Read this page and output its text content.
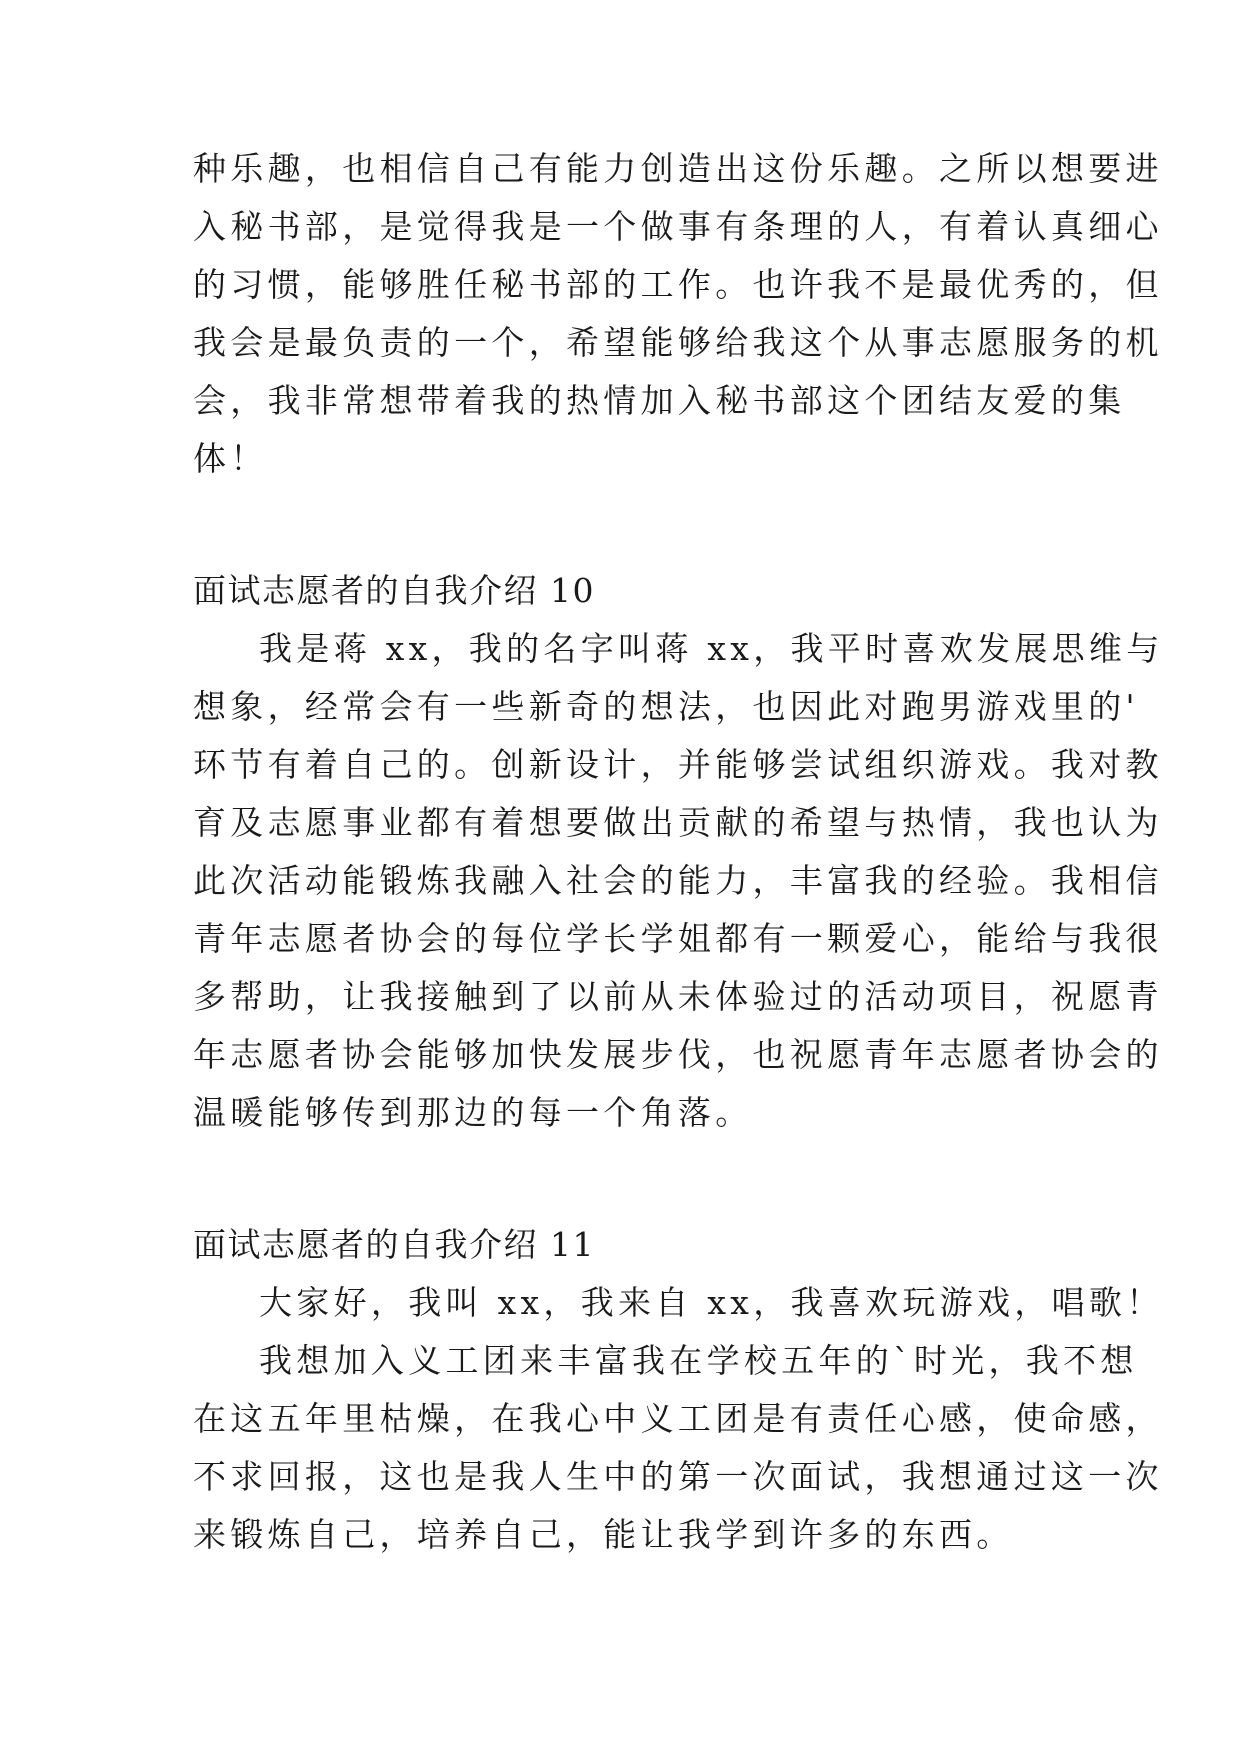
种乐趣，也相信自己有能力创造出这份乐趣。之所以想要进
入秘书部，是觉得我是一个做事有条理的人，有着认真细心
的习惯，能够胜任秘书部的工作。也许我不是最优秀的，但
我会是最负责的一个，希望能够给我这个从事志愿服务的机
会，我非常想带着我的热情加入秘书部这个团结友爱的集
体！
面试志愿者的自我介绍 10
我是蒋 xx，我的名字叫蒋 xx，我平时喜欢发展思维与
想象，经常会有一些新奇的想法，也因此对跑男游戏里的'
环节有着自己的。创新设计，并能够尝试组织游戏。我对教
育及志愿事业都有着想要做出贡献的希望与热情，我也认为
此次活动能锻炼我融入社会的能力，丰富我的经验。我相信
青年志愿者协会的每位学长学姐都有一颗爱心，能给与我很
多帮助，让我接触到了以前从未体验过的活动项目，祝愿青
年志愿者协会能够加快发展步伐，也祝愿青年志愿者协会的
温暖能够传到那边的每一个角落。
面试志愿者的自我介绍 11
大家好，我叫 xx，我来自 xx，我喜欢玩游戏，唱歌！
我想加入义工团来丰富我在学校五年的`时光，我不想
在这五年里枯燥，在我心中义工团是有责任心感，使命感，
不求回报，这也是我人生中的第一次面试，我想通过这一次
来锻炼自己，培养自己，能让我学到许多的东西。
